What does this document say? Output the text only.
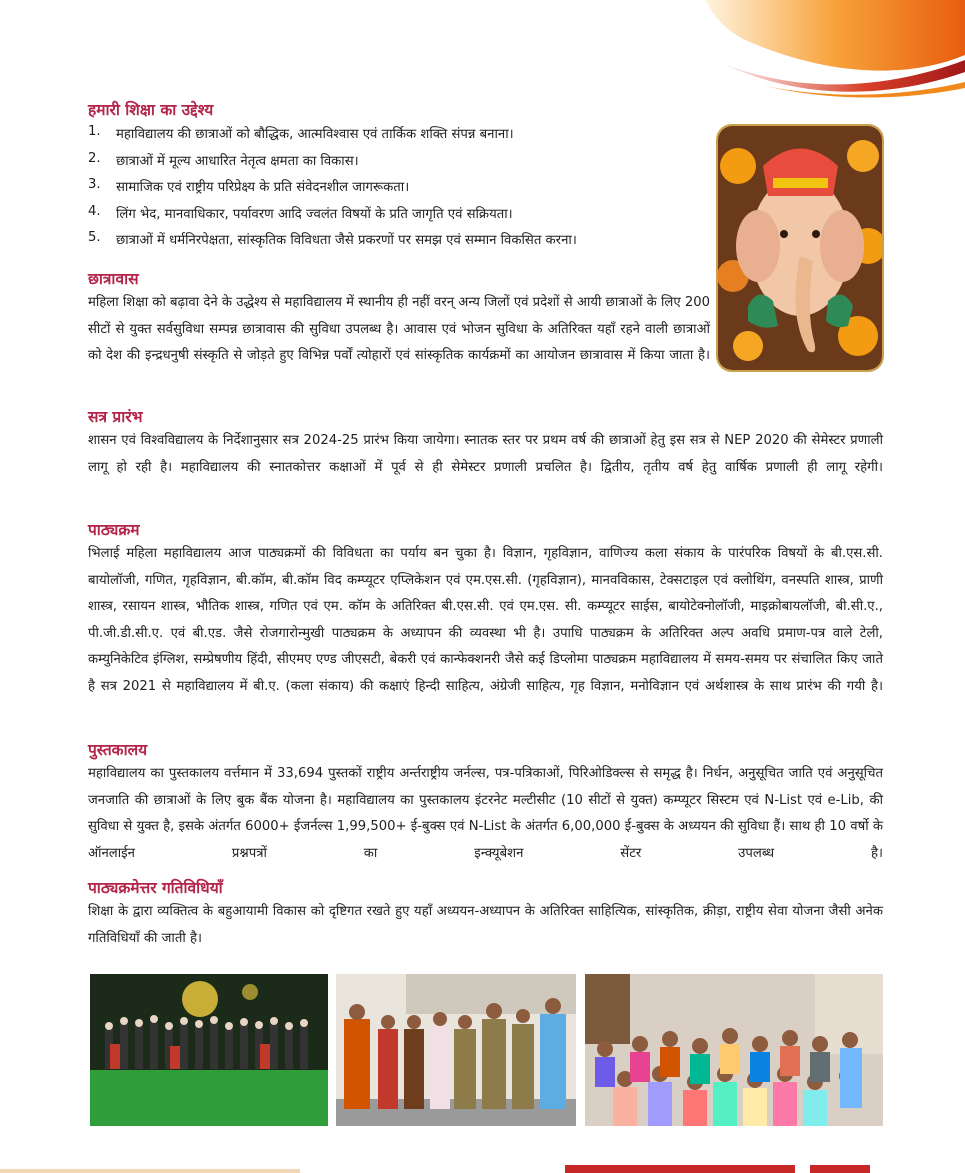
हमारी शिक्षा का उद्देश्य
1.	महाविद्यालय की छात्राओं को बौद्धिक, आत्मविश्वास एवं तार्किक शक्ति संपन्न बनाना।
2.	छात्राओं में मूल्य आधारित नेतृत्व क्षमता का विकास।
3.	सामाजिक एवं राष्ट्रीय परिप्रेक्ष्य के प्रति संवेदनशील जागरूकता।
4.	लिंग भेद, मानवाधिकार, पर्यावरण आदि ज्वलंत विषयों के प्रति जागृति एवं सक्रियता।
5.	छात्राओं में धर्मनिरपेक्षता, सांस्कृतिक विविधता जैसे प्रकरणों पर समझ एवं सम्मान विकसित करना।
छात्रावास

महिला शिक्षा को बढ़ावा देने के उद्धेश्य से महाविद्यालय में स्थानीय ही नहीं वरन् अन्य जिलों एवं प्रदेशों से आयी छात्राओं के लिए 200 सीटों से युक्त सर्वसुविधा सम्पन्न छात्रावास की सुविधा उपलब्ध है। आवास एवं भोजन सुविधा के अतिरिक्त यहाँ रहने वाली छात्राओं को देश की इन्द्रधनुषी संस्कृति से जोड़ते हुए विभिन्न पर्वों त्योहारों एवं सांस्कृतिक कार्यक्रमों का आयोजन छात्रावास में किया जाता है।

सत्र प्रारंभ

शासन एवं विश्वविद्यालय के निर्देशानुसार सत्र 2024-25 प्रारंभ किया जायेगा। स्नातक स्तर पर प्रथम वर्ष की छात्राओं हेतु इस सत्र से NEP 2020 की सेमेस्टर प्रणाली लागू हो रही है। महाविद्यालय की स्नातकोत्तर कक्षाओं में पूर्व से ही सेमेस्टर प्रणाली प्रचलित है। द्वितीय, तृतीय वर्ष हेतु वार्षिक प्रणाली ही लागू रहेगी।

पाठ्यक्रम

भिलाई महिला महाविद्यालय आज पाठ्यक्रमों की विविधता का पर्याय बन चुका है। विज्ञान, गृहविज्ञान, वाणिज्य कला संकाय के पारंपरिक विषयों के बी.एस.सी. बायोलॉजी, गणित, गृहविज्ञान, बी.कॉम, बी.कॉम विद कम्प्यूटर एप्लिकेशन एवं एम.एस.सी. (गृहविज्ञान), मानवविकास, टेक्सटाइल एवं क्लोथिंग, वनस्पति शास्त्र, प्राणी शास्त्र, रसायन शास्त्र, भौतिक शास्त्र, गणित एवं एम. कॉम के अतिरिक्त बी.एस.सी. एवं एम.एस. सी. कम्प्यूटर साईस, बायोटेक्नोलॉजी, माइक्रोबायलॉजी, बी.सी.ए., पी.जी.डी.सी.ए. एवं बी.एड. जैसे रोजगारोन्मुखी पाठ्यक्रम के अध्यापन की व्यवस्था भी है। उपाधि पाठ्यक्रम के अतिरिक्त अल्प अवधि प्रमाण-पत्र वाले टेली, कम्युनिकेटिव इंग्लिश, सम्प्रेषणीय हिंदी, सीएमए एण्ड जीएसटी, बेकरी एवं कान्फेक्शनरी जैसे कई डिप्लोमा पाठ्यक्रम महाविद्यालय में समय-समय पर संचालित किए जाते है सत्र 2021 से महाविद्यालय में बी.ए. (कला संकाय) की कक्षाएं हिन्दी साहित्य, अंग्रेजी साहित्य, गृह विज्ञान, मनोविज्ञान एवं अर्थशास्त्र के साथ प्रारंभ की गयी है।

पुस्तकालय

महाविद्यालय का पुस्तकालय वर्त्तमान में 33,694 पुस्तकों राष्ट्रीय अर्न्तराष्ट्रीय जर्नल्स, पत्र-पत्रिकाओं, पिरिओडिक्ल्स से समृद्ध है। निर्धन, अनुसूचित जाति एवं अनुसूचित जनजाति की छात्राओं के लिए बुक बैंक योजना है। महाविद्यालय का पुस्तकालय इंटरनेट मल्टीसीट (10 सीटों से युक्त) कम्प्यूटर सिस्टम एवं N-List एवं e-Lib, की सुविधा से युक्त है, इसके अंतर्गत 6000+ ईजर्नल्स 1,99,500+ ई-बुक्स एवं N-List के अंतर्गत 6,00,000 ई-बुक्स के अध्ययन की सुविधा हैं। साथ ही 10 वर्षो के ऑनलाईन प्रश्नपत्रों का इन्क्यूबेशन सेंटर उपलब्ध है।

पाठ्यक्रमेत्तर गतिविधियाँ

शिक्षा के द्वारा व्यक्तित्व के बहुआयामी विकास को दृष्टिगत रखते हुए यहाँ अध्ययन-अध्यापन के अतिरिक्त साहित्यिक, सांस्कृतिक, क्रीड़ा, राष्ट्रीय सेवा योजना जैसी अनेक गतिविधियाँ की जाती है।
